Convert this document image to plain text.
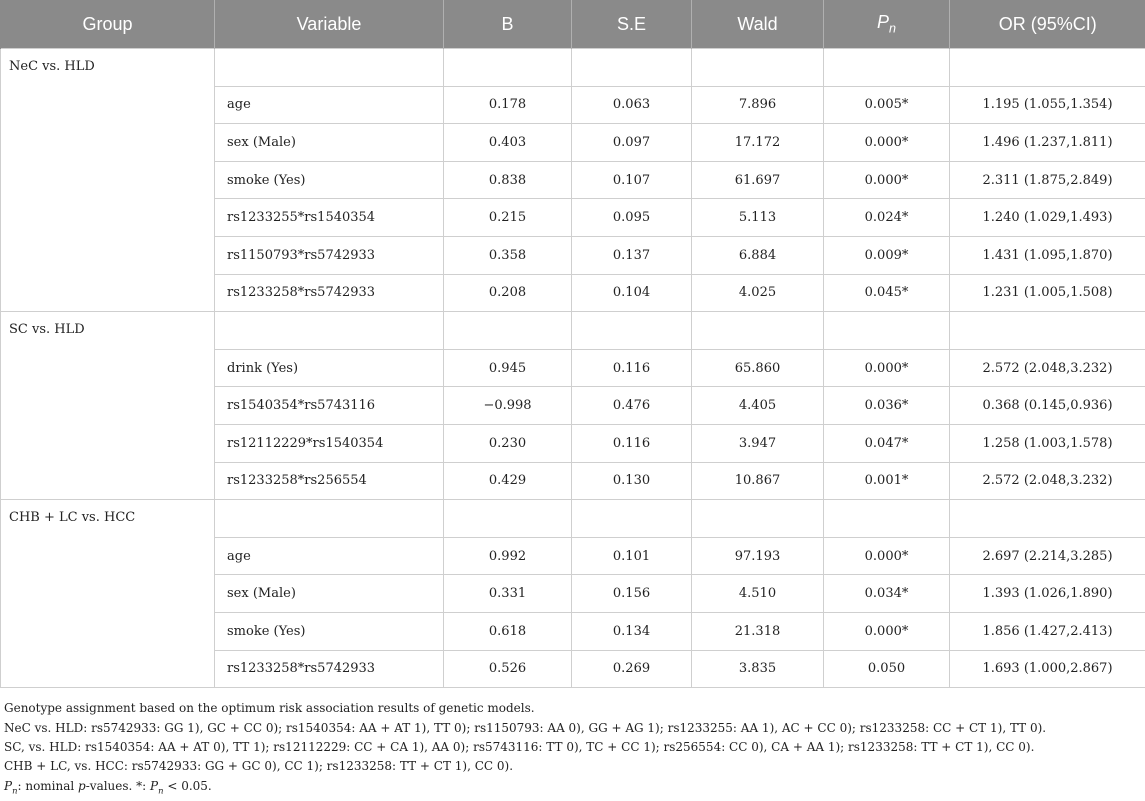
Group	Variable	B	S.E	Wald	$P_n$	OR (95%CI)
NeC vs. HLD						
	age	0.178	0.063	7.896	0.005*	1.195 (1.055,1.354)
	sex (Male)	0.403	0.097	17.172	0.000*	1.496 (1.237,1.811)
	smoke (Yes)	0.838	0.107	61.697	0.000*	2.311 (1.875,2.849)
	rs1233255*rs1540354	0.215	0.095	5.113	0.024*	1.240 (1.029,1.493)
	rs1150793*rs5742933	0.358	0.137	6.884	0.009*	1.431 (1.095,1.870)
	rs1233258*rs5742933	0.208	0.104	4.025	0.045*	1.231 (1.005,1.508)
SC vs. HLD						
	drink (Yes)	0.945	0.116	65.860	0.000*	2.572 (2.048,3.232)
	rs1540354*rs5743116	−0.998	0.476	4.405	0.036*	0.368 (0.145,0.936)
	rs12112229*rs1540354	0.230	0.116	3.947	0.047*	1.258 (1.003,1.578)
	rs1233258*rs256554	0.429	0.130	10.867	0.001*	2.572 (2.048,3.232)
CHB + LC vs. HCC						
	age	0.992	0.101	97.193	0.000*	2.697 (2.214,3.285)
	sex (Male)	0.331	0.156	4.510	0.034*	1.393 (1.026,1.890)
	smoke (Yes)	0.618	0.134	21.318	0.000*	1.856 (1.427,2.413)
	rs1233258*rs5742933	0.526	0.269	3.835	0.050	1.693 (1.000,2.867)
Genotype assignment based on the optimum risk association results of genetic models.
NeC vs. HLD: rs5742933: GG 1), GC + CC 0); rs1540354: AA + AT 1), TT 0); rs1150793: AA 0), GG + AG 1); rs1233255: AA 1), AC + CC 0); rs1233258: CC + CT 1), TT 0).
SC, vs. HLD: rs1540354: AA + AT 0), TT 1); rs12112229: CC + CA 1), AA 0); rs5743116: TT 0), TC + CC 1); rs256554: CC 0), CA + AA 1); rs1233258: TT + CT 1), CC 0).
CHB + LC, vs. HCC: rs5742933: GG + GC 0), CC 1); rs1233258: TT + CT 1), CC 0).
$P_n$: nominal p-values. *: $P_n < 0.05$.
